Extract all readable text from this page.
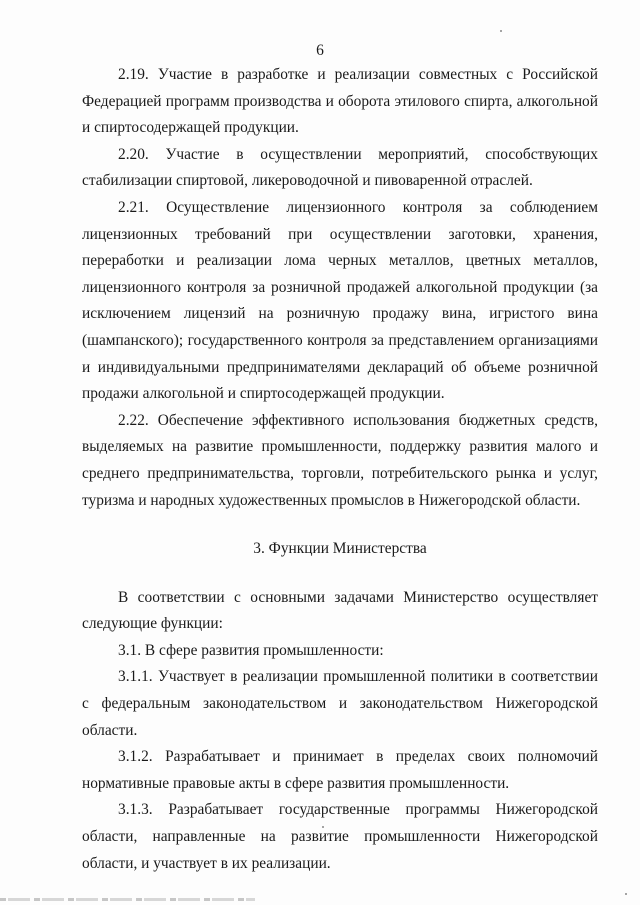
6

2.19. Участие в разработке и реализации совместных с Российской Федерацией программ производства и оборота этилового спирта, алкогольной и спиртосодержащей продукции.

2.20. Участие в осуществлении мероприятий, способствующих стабилизации спиртовой, ликероводочной и пивоваренной отраслей.

2.21. Осуществление лицензионного контроля за соблюдением лицензионных требований при осуществлении заготовки, хранения, переработки и реализации лома черных металлов, цветных металлов, лицензионного контроля за розничной продажей алкогольной продукции (за исключением лицензий на розничную продажу вина, игристого вина (шампанского); государственного контроля за представлением организациями и индивидуальными предпринимателями деклараций об объеме розничной продажи алкогольной и спиртосодержащей продукции.

2.22. Обеспечение эффективного использования бюджетных средств, выделяемых на развитие промышленности, поддержку развития малого и среднего предпринимательства, торговли, потребительского рынка и услуг, туризма и народных художественных промыслов в Нижегородской области.

3. Функции Министерства

В соответствии с основными задачами Министерство осуществляет следующие функции:

3.1. В сфере развития промышленности:

3.1.1. Участвует в реализации промышленной политики в соответствии с федеральным законодательством и законодательством Нижегородской области.

3.1.2. Разрабатывает и принимает в пределах своих полномочий нормативные правовые акты в сфере развития промышленности.

3.1.3. Разрабатывает государственные программы Нижегородской области, направленные на развитие промышленности Нижегородской области, и участвует в их реализации.
